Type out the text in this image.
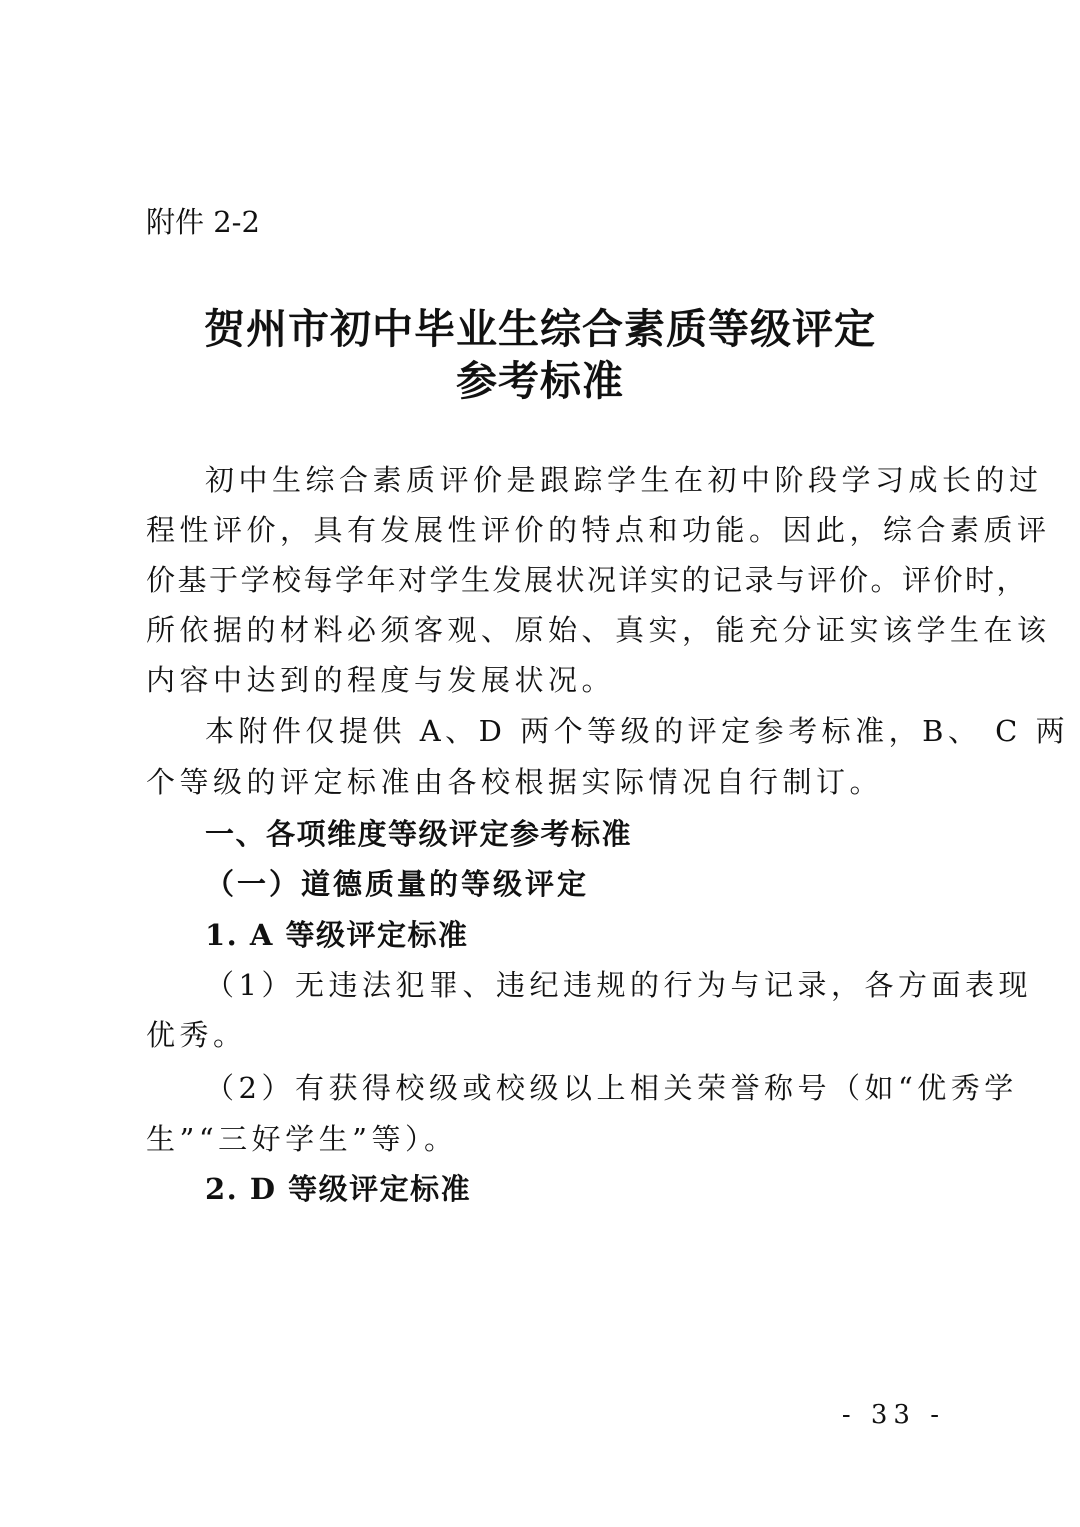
附件 2-2
贺州市初中毕业生综合素质等级评定
参考标准
初中生综合素质评价是跟踪学生在初中阶段学习成长的过
程性评价，具有发展性评价的特点和功能。因此，综合素质评
价基于学校每学年对学生发展状况详实的记录与评价。评价时，
所依据的材料必须客观、原始、真实，能充分证实该学生在该
内容中达到的程度与发展状况。
本附件仅提供 A、D 两个等级的评定参考标准，B、 C 两
个等级的评定标准由各校根据实际情况自行制订。
一、各项维度等级评定参考标准
（一）道德质量的等级评定
1. A 等级评定标准
（1）无违法犯罪、违纪违规的行为与记录，各方面表现
优秀。
（2）有获得校级或校级以上相关荣誉称号（如“优秀学
生”“三好学生”等）。
2. D 等级评定标准
- 33 -
